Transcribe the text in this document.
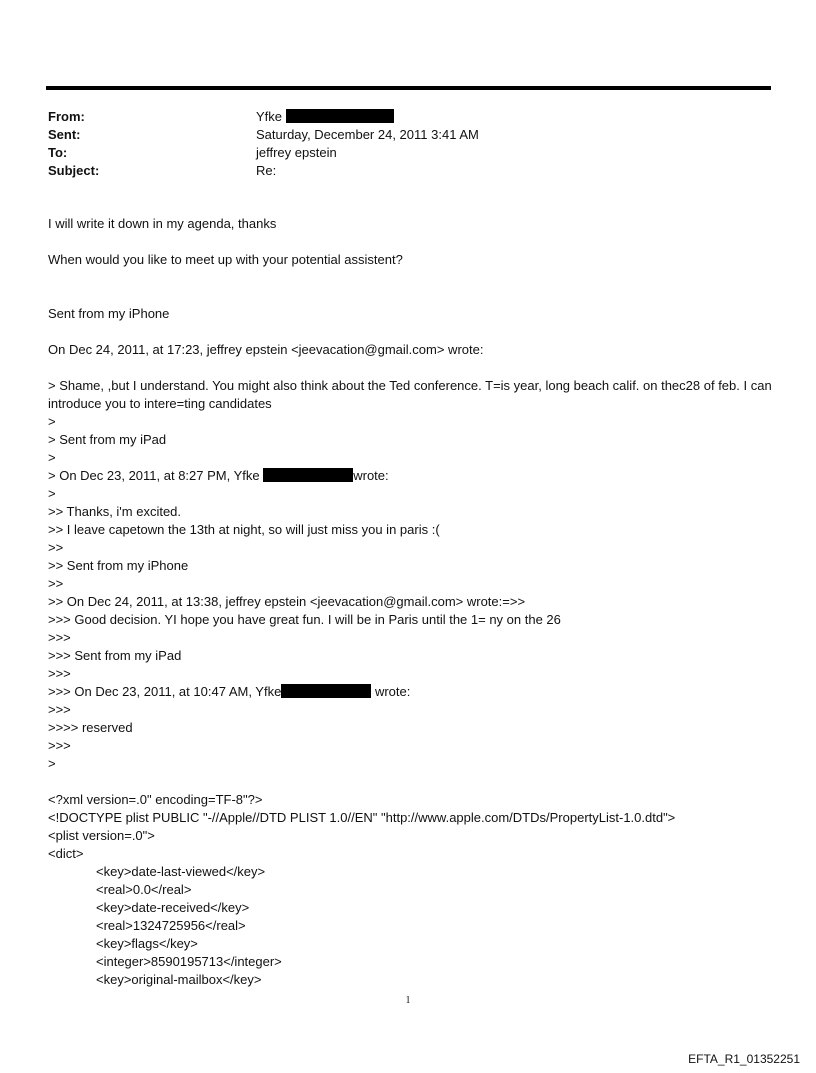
From:	Yfke
Sent:	Saturday, December 24, 2011 3:41 AM
To:	jeffrey epstein
Subject:	Re:
I will write it down in my agenda, thanks
When would you like to meet up with your potential assistent?
Sent from my iPhone
On Dec 24, 2011, at 17:23, jeffrey epstein <jeevacation@gmail.com> wrote:
> Shame, ,but I understand. You might also think about the Ted conference. T=is year, long beach calif. on thec28 of feb. I can introduce you to intere=ting candidates
>
> Sent from my iPad
>
> On Dec 23, 2011, at 8:27 PM, Yfke	wrote:
>
>> Thanks, i'm excited.
>> I leave capetown the 13th at night, so will just miss you in paris :(
>>
>> Sent from my iPhone
>>
>> On Dec 24, 2011, at 13:38, jeffrey epstein <jeevacation@gmail.com> wrote:=>>
>>> Good decision. YI hope you have great fun. I will be in Paris until the 1= ny on the 26
>>>
>>> Sent from my iPad
>>>
>>> On Dec 23, 2011, at 10:47 AM, Yfke	wrote:
>>>
>>>> reserved
>>>
>
<?xml version=.0" encoding=TF-8"?>
<!DOCTYPE plist PUBLIC "-//Apple//DTD PLIST 1.0//EN" "http://www.apple.com/DTDs/PropertyList-1.0.dtd">
<plist version=.0">
<dict>
<key>date-last-viewed</key>
<real>0.0</real>
<key>date-received</key>
<real>1324725956</real>
<key>flags</key>
<integer>8590195713</integer>
<key>original-mailbox</key>
1
EFTA_R1_01352251
